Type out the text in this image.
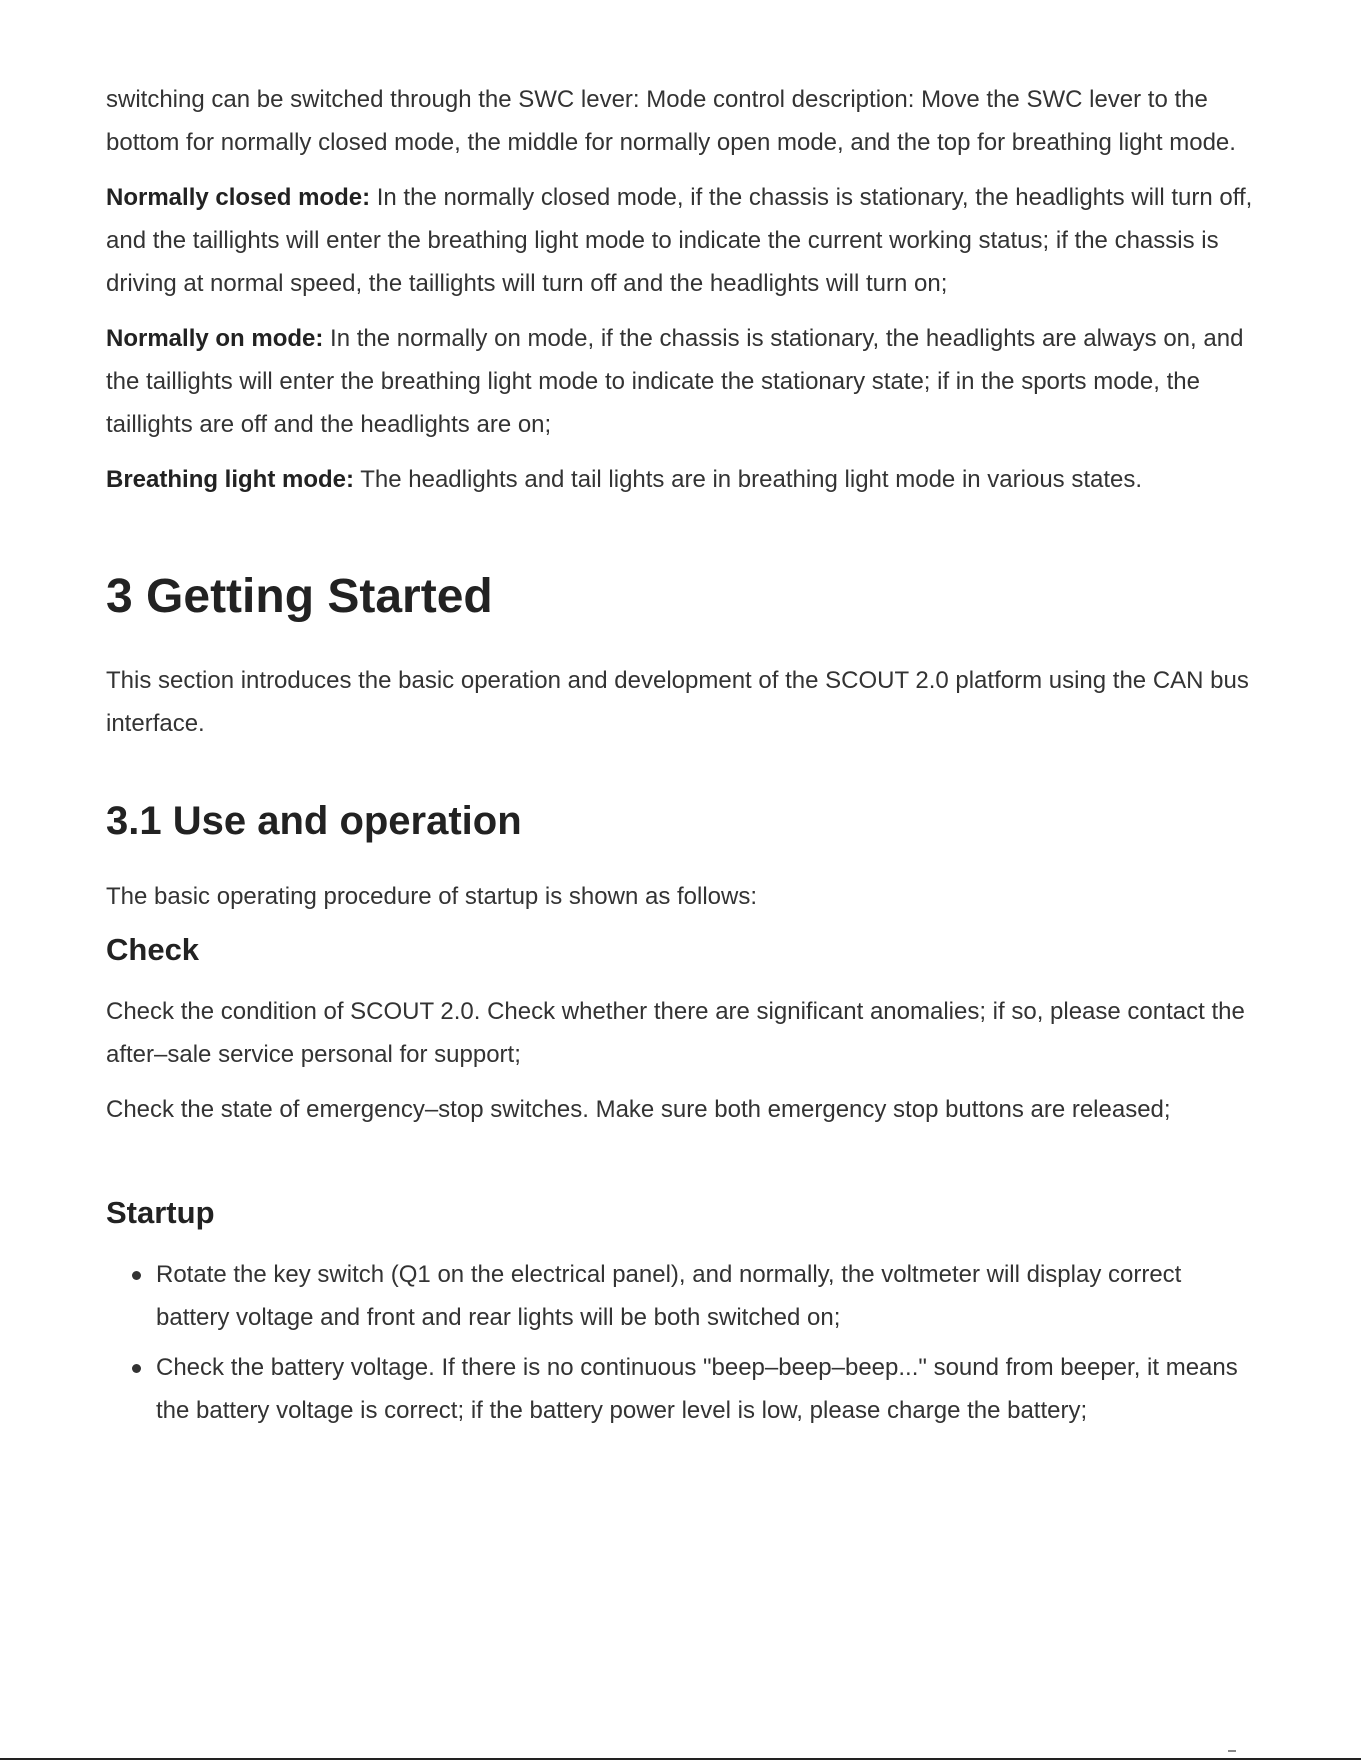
switching can be switched through the SWC lever: Mode control description: Move the SWC lever to the bottom for normally closed mode, the middle for normally open mode, and the top for breathing light mode.

Normally closed mode: In the normally closed mode, if the chassis is stationary, the headlights will turn off, and the taillights will enter the breathing light mode to indicate the current working status; if the chassis is driving at normal speed, the taillights will turn off and the headlights will turn on;

Normally on mode: In the normally on mode, if the chassis is stationary, the headlights are always on, and the taillights will enter the breathing light mode to indicate the stationary state; if in the sports mode, the taillights are off and the headlights are on;

Breathing light mode: The headlights and tail lights are in breathing light mode in various states.

3 Getting Started

This section introduces the basic operation and development of the SCOUT 2.0 platform using the CAN bus interface.

3.1 Use and operation

The basic operating procedure of startup is shown as follows:

Check

Check the condition of SCOUT 2.0. Check whether there are significant anomalies; if so, please contact the after–sale service personal for support;

Check the state of emergency–stop switches. Make sure both emergency stop buttons are released;

Startup
Rotate the key switch (Q1 on the electrical panel), and normally, the voltmeter will display correct battery voltage and front and rear lights will be both switched on;
Check the battery voltage. If there is no continuous "beep–beep–beep..." sound from beeper, it means the battery voltage is correct; if the battery power level is low, please charge the battery;
